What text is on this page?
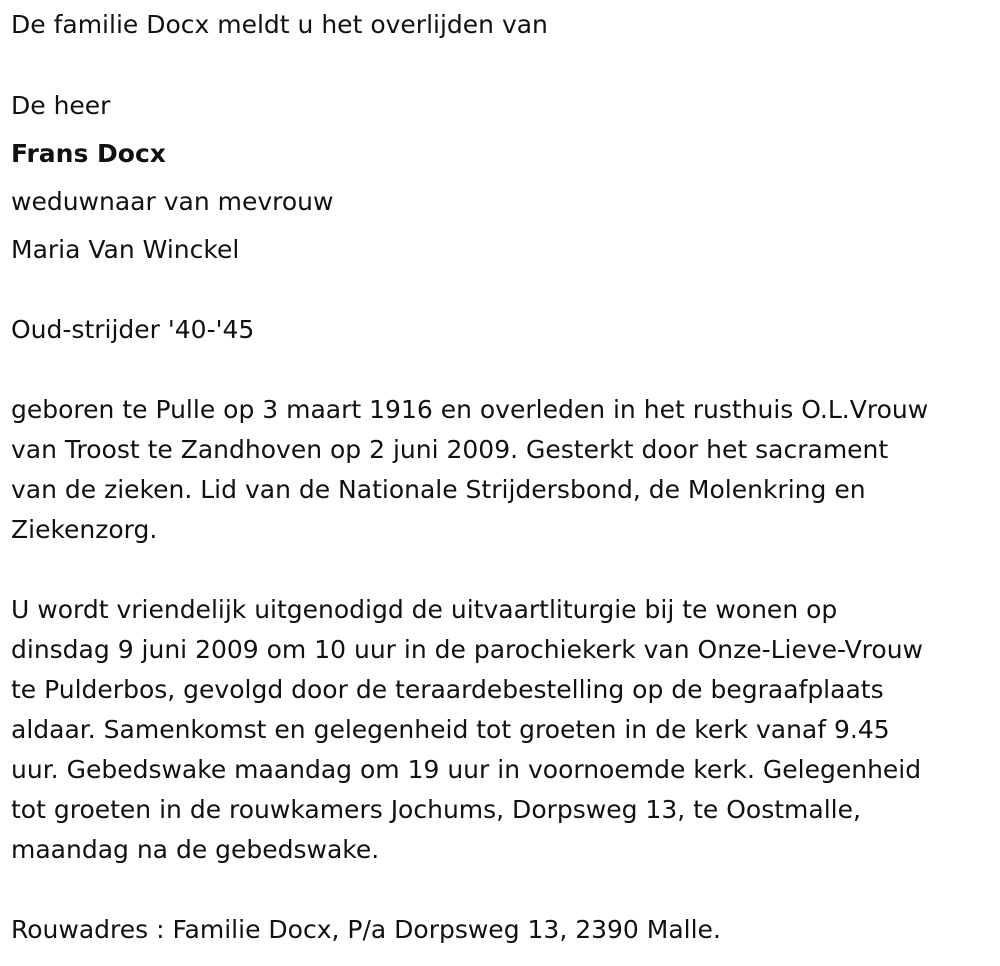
De familie Docx meldt u het overlijden van
De heer
Frans Docx
weduwnaar van mevrouw
Maria Van Winckel
Oud-strijder '40-'45
geboren te Pulle op 3 maart 1916 en overleden in het rusthuis O.L.Vrouw
van Troost te Zandhoven op 2 juni 2009. Gesterkt door het sacrament
van de zieken. Lid van de Nationale Strijdersbond, de Molenkring en
Ziekenzorg.
U wordt vriendelijk uitgenodigd de uitvaartliturgie bij te wonen op
dinsdag 9 juni 2009 om 10 uur in de parochiekerk van Onze-Lieve-Vrouw
te Pulderbos, gevolgd door de teraardebestelling op de begraafplaats
aldaar. Samenkomst en gelegenheid tot groeten in de kerk vanaf 9.45
uur. Gebedswake maandag om 19 uur in voornoemde kerk. Gelegenheid
tot groeten in de rouwkamers Jochums, Dorpsweg 13, te Oostmalle,
maandag na de gebedswake.
Rouwadres : Familie Docx, P/a Dorpsweg 13, 2390 Malle.
